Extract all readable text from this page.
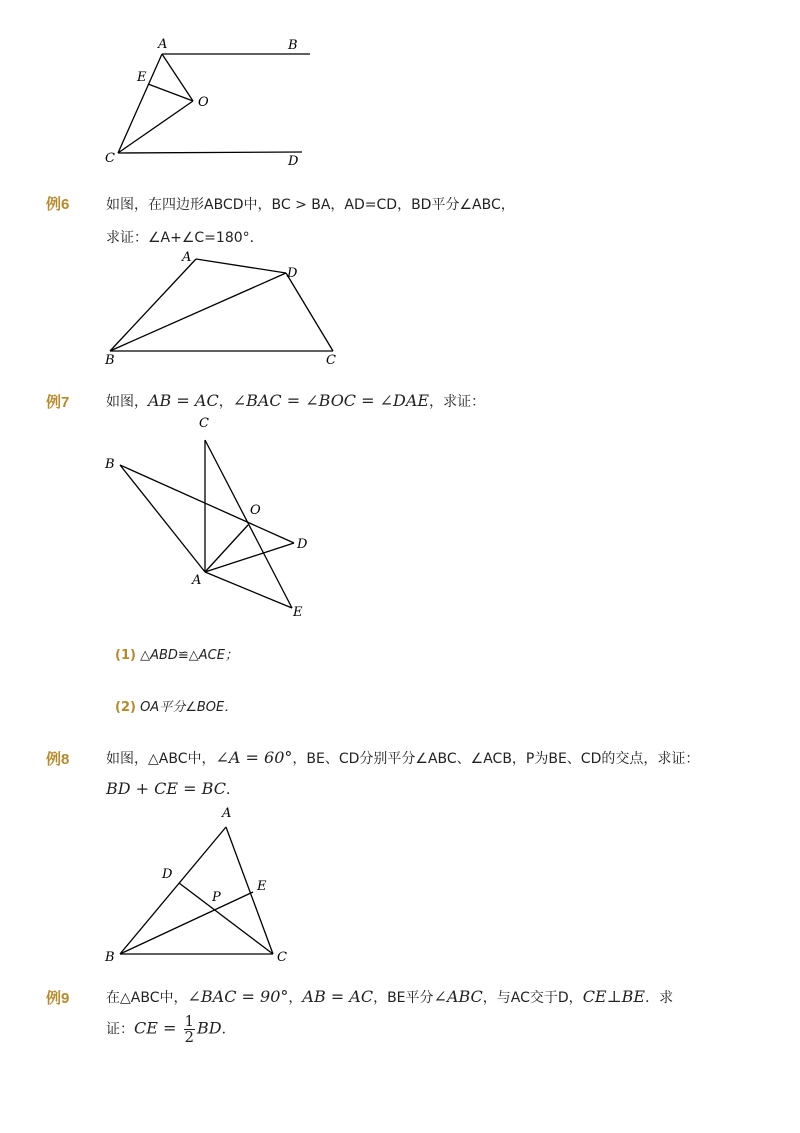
A	B
C	D
E
O
例6	如图，在四边形ABCD中，BC > BA，AD=CD，BD平分∠ABC，
求证：∠A+∠C=180°．
A
B	C
D
例7	如图，AB = AC，∠BAC = ∠BOC = ∠DAE，求证：
C
B
O
D
A
E
(1) △ABD≌△ACE；
(2) OA平分∠BOE．
例8	如图，△ABC中，∠A = 60°，BE、CD分别平分∠ABC、∠ACB，P为BE、CD的交点，求证：
BD + CE = BC．
A
D
E
P
B	C
例9	在△ABC中，∠BAC = 90°，AB = AC，BE平分∠ABC，与AC交于D，CE⊥BE．求
证：CE = $\frac{1}{2}$ BD．
